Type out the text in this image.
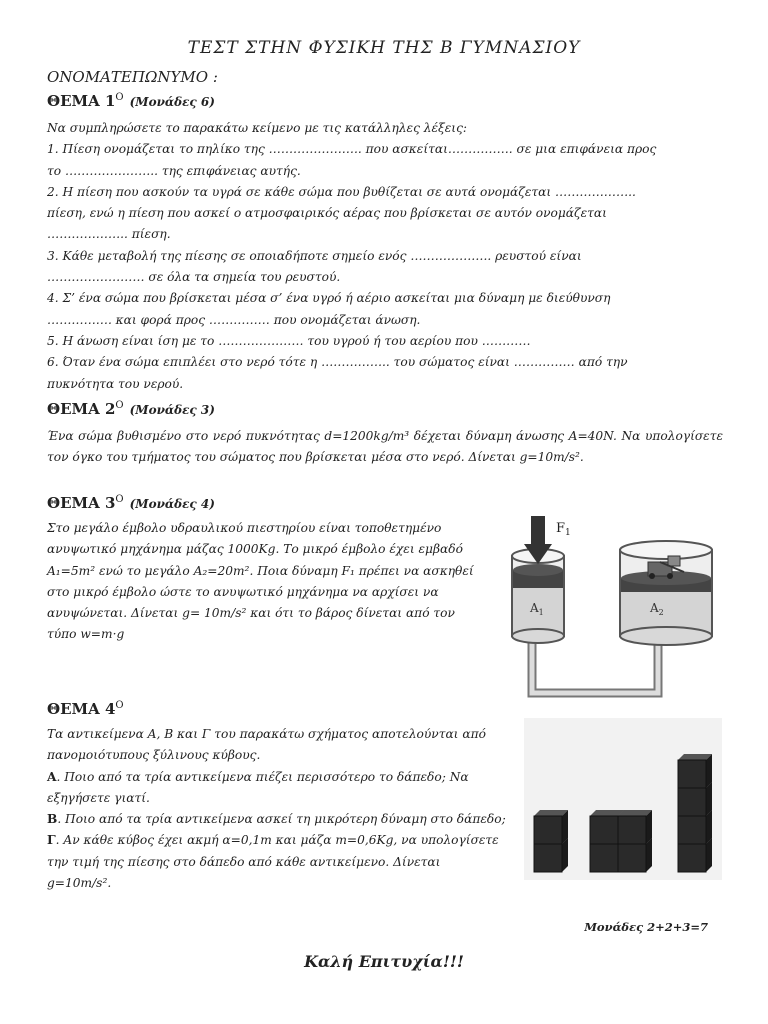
ΤΕΣΤ ΣΤΗΝ ΦΥΣΙΚΗ ΤΗΣ Β ΓΥΜΝΑΣΙΟΥ
ΟΝΟΜΑΤΕΠΩΝΥΜΟ :
ΘΕΜΑ $1^O$ (Μονάδες 6)

Να συμπληρώσετε το παρακάτω κείμενο με τις κατάλληλες λέξεις:

1. Πίεση ονομάζεται το πηλίκο της ………………….. που ασκείται……………. σε μια επιφάνεια προς

το ………………….. της επιφάνειας αυτής.

2. Η πίεση που ασκούν τα υγρά σε κάθε σώμα που βυθίζεται σε αυτά ονομάζεται ………………..

πίεση, ενώ η πίεση που ασκεί ο ατμοσφαιρικός αέρας που βρίσκεται σε αυτόν ονομάζεται

……………….. πίεση.

3. Κάθε μεταβολή της πίεσης σε οποιαδήποτε σημείο ενός ……………….. ρευστού είναι

…………………… σε όλα τα σημεία του ρευστού.

4. Σ’ ένα σώμα που βρίσκεται μέσα σ’ ένα υγρό ή αέριο ασκείται μια δύναμη με διεύθυνση

……………. και φορά προς …………… που ονομάζεται άνωση.

5. Η άνωση είναι ίση με το ………………… του υγρού ή του αερίου που …………

6. Όταν ένα σώμα επιπλέει στο νερό τότε η …………….. του σώματος είναι …………… από την

πυκνότητα του νερού.

ΘΕΜΑ $2^O$ (Μονάδες 3)

Ένα σώμα βυθισμένο στο νερό πυκνότητας d=1200kg/m³ δέχεται δύναμη άνωσης A=40N. Να υπολογίσετε τον όγκο του τμήματος του σώματος που βρίσκεται μέσα στο νερό. Δίνεται g=10m/s².

ΘΕΜΑ $3^O$ (Μονάδες 4)

Στο μεγάλο έμβολο υδραυλικού πιεστηρίου είναι τοποθετημένο ανυψωτικό μηχάνημα μάζας 1000Kg. Το μικρό έμβολο έχει εμβαδό A₁=5m² ενώ το μεγάλο A₂=20m². Ποια δύναμη F₁ πρέπει να ασκηθεί στο μικρό έμβολο ώστε το ανυψωτικό μηχάνημα να αρχίσει να ανυψώνεται. Δίνεται g= 10m/s² και ότι το βάρος δίνεται από τον τύπο w=m·g

$F_1$
$A_1$	$A_2$
ΘΕΜΑ $4^O$

Τα αντικείμενα Α, Β και Γ του παρακάτω σχήματος αποτελούνται από πανομοιότυπους ξύλινους κύβους.

Α. Ποιο από τα τρία αντικείμενα πιέζει περισσότερο το δάπεδο; Να εξηγήσετε γιατί.

Β. Ποιο από τα τρία αντικείμενα ασκεί τη μικρότερη δύναμη στο δάπεδο;

Γ. Αν κάθε κύβος έχει ακμή α=0,1m και μάζα m=0,6Kg, να υπολογίσετε την τιμή της πίεσης στο δάπεδο από κάθε αντικείμενο. Δίνεται g=10m/s².

Μονάδες 2+2+3=7
Καλή Επιτυχία!!!
